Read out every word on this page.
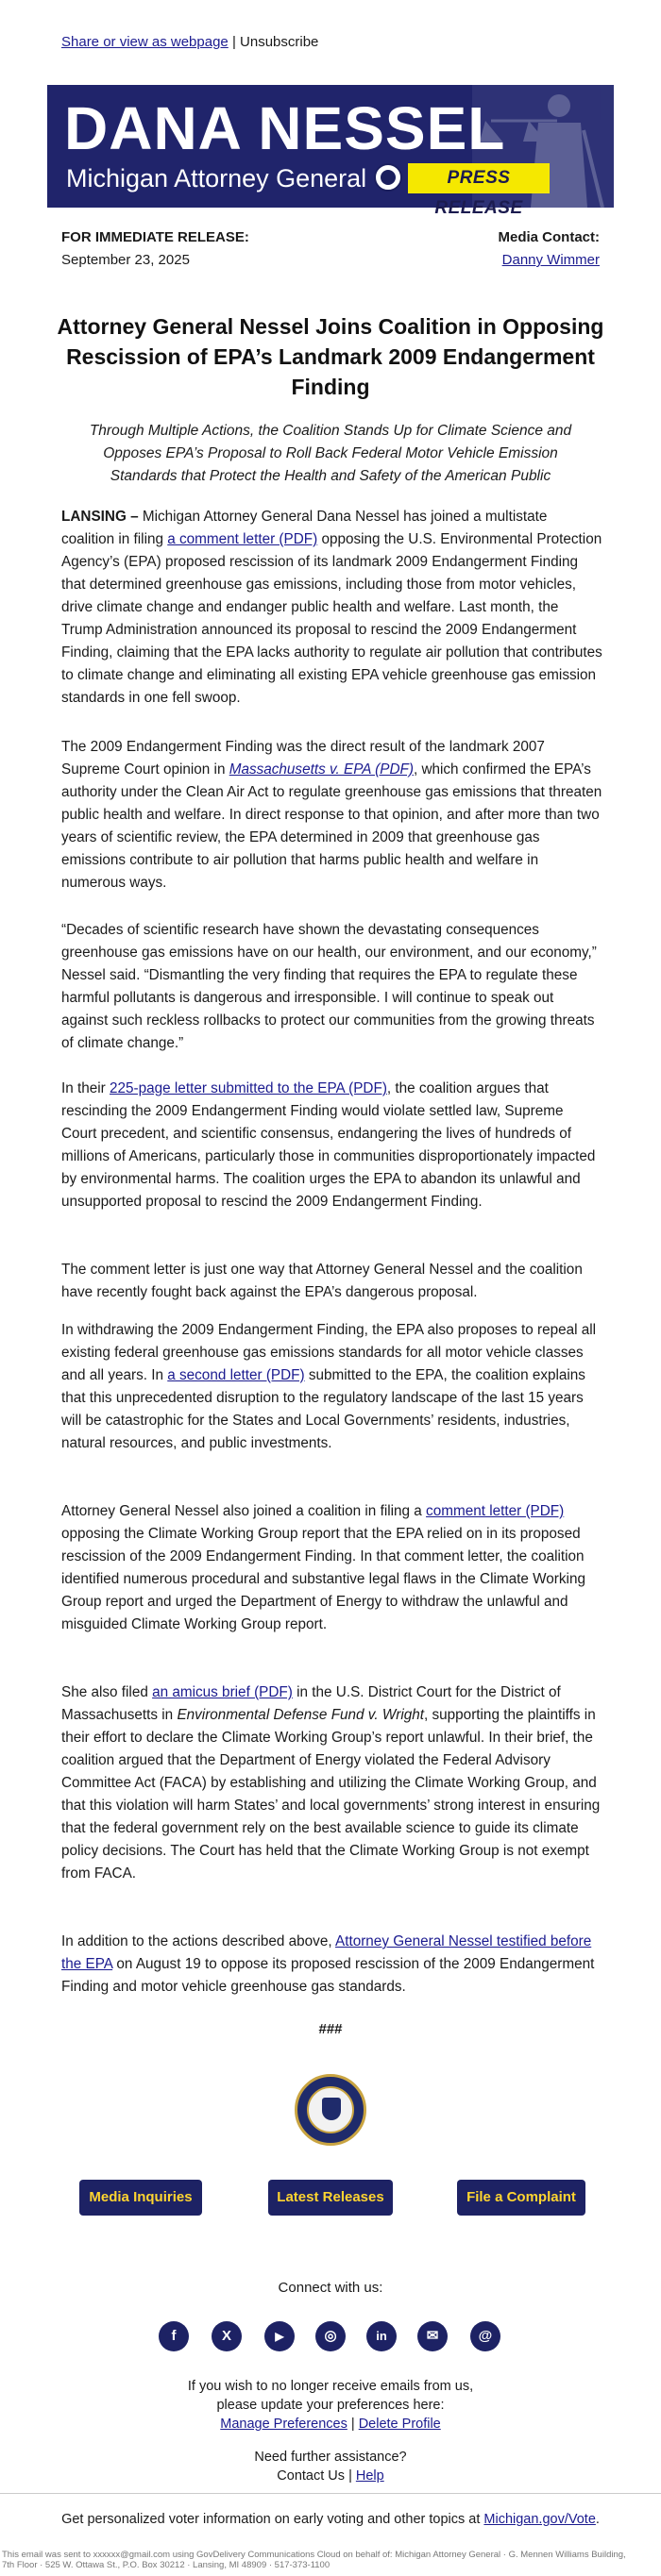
Share or view as webpage | Unsubscribe
DANA NESSEL
Michigan Attorney General	PRESS RELEASE
FOR IMMEDIATE RELEASE:
September 23, 2025
Media Contact:
Danny Wimmer
Attorney General Nessel Joins Coalition in Opposing Rescission of EPA’s Landmark 2009 Endangerment Finding

Through Multiple Actions, the Coalition Stands Up for Climate Science and Opposes EPA’s Proposal to Roll Back Federal Motor Vehicle Emission Standards that Protect the Health and Safety of the American Public

LANSING – Michigan Attorney General Dana Nessel has joined a multistate coalition in filing a comment letter (PDF) opposing the U.S. Environmental Protection Agency’s (EPA) proposed rescission of its landmark 2009 Endangerment Finding that determined greenhouse gas emissions, including those from motor vehicles, drive climate change and endanger public health and welfare. Last month, the Trump Administration announced its proposal to rescind the 2009 Endangerment Finding, claiming that the EPA lacks authority to regulate air pollution that contributes to climate change and eliminating all existing EPA vehicle greenhouse gas emission standards in one fell swoop.

The 2009 Endangerment Finding was the direct result of the landmark 2007 Supreme Court opinion in Massachusetts v. EPA (PDF), which confirmed the EPA’s authority under the Clean Air Act to regulate greenhouse gas emissions that threaten public health and welfare. In direct response to that opinion, and after more than two years of scientific review, the EPA determined in 2009 that greenhouse gas emissions contribute to air pollution that harms public health and welfare in numerous ways.

“Decades of scientific research have shown the devastating consequences greenhouse gas emissions have on our health, our environment, and our economy,” Nessel said. “Dismantling the very finding that requires the EPA to regulate these harmful pollutants is dangerous and irresponsible. I will continue to speak out against such reckless rollbacks to protect our communities from the growing threats of climate change.”

In their 225-page letter submitted to the EPA (PDF), the coalition argues that rescinding the 2009 Endangerment Finding would violate settled law, Supreme Court precedent, and scientific consensus, endangering the lives of hundreds of millions of Americans, particularly those in communities disproportionately impacted by environmental harms. The coalition urges the EPA to abandon its unlawful and unsupported proposal to rescind the 2009 Endangerment Finding.

The comment letter is just one way that Attorney General Nessel and the coalition have recently fought back against the EPA’s dangerous proposal.

In withdrawing the 2009 Endangerment Finding, the EPA also proposes to repeal all existing federal greenhouse gas emissions standards for all motor vehicle classes and all years. In a second letter (PDF) submitted to the EPA, the coalition explains that this unprecedented disruption to the regulatory landscape of the last 15 years will be catastrophic for the States and Local Governments’ residents, industries, natural resources, and public investments.

Attorney General Nessel also joined a coalition in filing a comment letter (PDF) opposing the Climate Working Group report that the EPA relied on in its proposed rescission of the 2009 Endangerment Finding. In that comment letter, the coalition identified numerous procedural and substantive legal flaws in the Climate Working Group report and urged the Department of Energy to withdraw the unlawful and misguided Climate Working Group report.

She also filed an amicus brief (PDF) in the U.S. District Court for the District of Massachusetts in Environmental Defense Fund v. Wright, supporting the plaintiffs in their effort to declare the Climate Working Group’s report unlawful. In their brief, the coalition argued that the Department of Energy violated the Federal Advisory Committee Act (FACA) by establishing and utilizing the Climate Working Group, and that this violation will harm States’ and local governments’ strong interest in ensuring that the federal government rely on the best available science to guide its climate policy decisions. The Court has held that the Climate Working Group is not exempt from FACA.

In addition to the actions described above, Attorney General Nessel testified before the EPA on August 19 to oppose its proposed rescission of the 2009 Endangerment Finding and motor vehicle greenhouse gas standards.

###
Media Inquiries	Latest Releases	File a Complaint
Connect with us:
f	X	▶	◎	in	✉	@
If you wish to no longer receive emails from us,
please update your preferences here:
Manage Preferences | Delete Profile
Need further assistance?
Contact Us | Help
Get personalized voter information on early voting and other topics at Michigan.gov/Vote.
This email was sent to xxxxxx@gmail.com using GovDelivery Communications Cloud on behalf of: Michigan Attorney General · G. Mennen Williams Building,
7th Floor · 525 W. Ottawa St., P.O. Box 30212 · Lansing, MI 48909 · 517-373-1100
